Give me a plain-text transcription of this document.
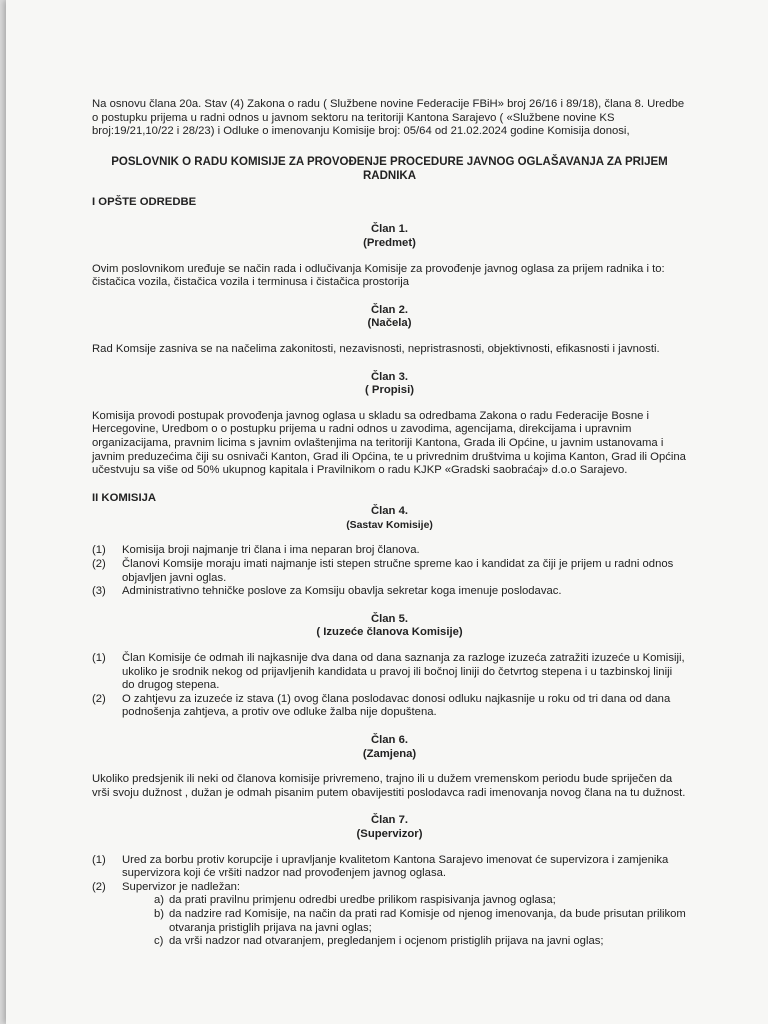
Na osnovu člana 20a. Stav (4) Zakona o radu ( Službene novine Federacije FBiH» broj 26/16 i 89/18), člana 8. Uredbe o postupku prijema u radni odnos u javnom sektoru na teritoriji Kantona Sarajevo ( «Službene novine KS broj:19/21,10/22 i 28/23) i Odluke o imenovanju Komisije broj: 05/64 od 21.02.2024 godine Komisija donosi,

POSLOVNIK O RADU KOMISIJE ZA PROVOĐENJE PROCEDURE JAVNOG OGLAŠAVANJA ZA PRIJEM RADNIKA

I OPŠTE ODREDBE

Član 1.

(Predmet)

Ovim poslovnikom uređuje se način rada i odlučivanja Komisije za provođenje javnog oglasa za prijem radnika i to: čistačica vozila, čistačica vozila i terminusa i čistačica prostorija

Član 2.

(Načela)

Rad Komsije zasniva se na načelima zakonitosti, nezavisnosti, nepristrasnosti, objektivnosti, efikasnosti i javnosti.

Član 3.

( Propisi)

Komisija provodi postupak provođenja javnog oglasa u skladu sa odredbama Zakona o radu Federacije Bosne i Hercegovine, Uredbom o o postupku prijema u radni odnos u zavodima, agencijama, direkcijama i upravnim organizacijama, pravnim licima s javnim ovlaštenjima na teritoriji Kantona, Grada ili Općine, u javnim ustanovama i javnim preduzećima čiji su osnivači Kanton, Grad ili Općina, te u privrednim društvima u kojima Kanton, Grad ili Općina učestvuju sa više od 50% ukupnog kapitala i Pravilnikom o radu KJKP «Gradski saobraćaj» d.o.o Sarajevo.

II KOMISIJA

Član 4.

(Sastav Komisije)

(1) Komisija broji najmanje tri člana i ima neparan broj članova.
(2) Članovi Komsije moraju imati najmanje isti stepen stručne spreme kao i kandidat za čiji je prijem u radni odnos objavljen javni oglas.
(3) Administrativno tehničke poslove za Komsiju obavlja sekretar koga imenuje poslodavac.

Član 5.

( Izuzeće članova Komisije)

(1) Član Komisije će odmah ili najkasnije dva dana od dana saznanja za razloge izuzeća zatražiti izuzeće u Komisiji, ukoliko je srodnik nekog od prijavljenih kandidata u pravoj ili bočnoj liniji do četvrtog stepena i u tazbinskoj liniji do drugog stepena.
(2) O zahtjevu za izuzeće iz stava (1) ovog člana poslodavac donosi odluku najkasnije u roku od tri dana od dana podnošenja zahtjeva, a protiv ove odluke žalba nije dopuštena.

Član 6.

(Zamjena)

Ukoliko predsjenik ili neki od članova komisije privremeno, trajno ili u dužem vremenskom periodu bude spriječen da vrši svoju dužnost , dužan je odmah pisanim putem obavijestiti poslodavca radi imenovanja novog člana na tu dužnost.

Član 7.

(Supervizor)

(1) Ured za borbu protiv korupcije i upravljanje kvalitetom Kantona Sarajevo imenovat će supervizora i zamjenika supervizora koji će vršiti nadzor nad provođenjem javnog oglasa.
(2) Supervizor je nadležan:
a) da prati pravilnu primjenu odredbi uredbe prilikom raspisivanja javnog oglasa;
b) da nadzire rad Komisije, na način da prati rad Komisje od njenog imenovanja, da bude prisutan prilikom otvaranja pristiglih prijava na javni oglas;
c) da vrši nadzor nad otvaranjem, pregledanjem i ocjenom pristiglih prijava na javni oglas;
